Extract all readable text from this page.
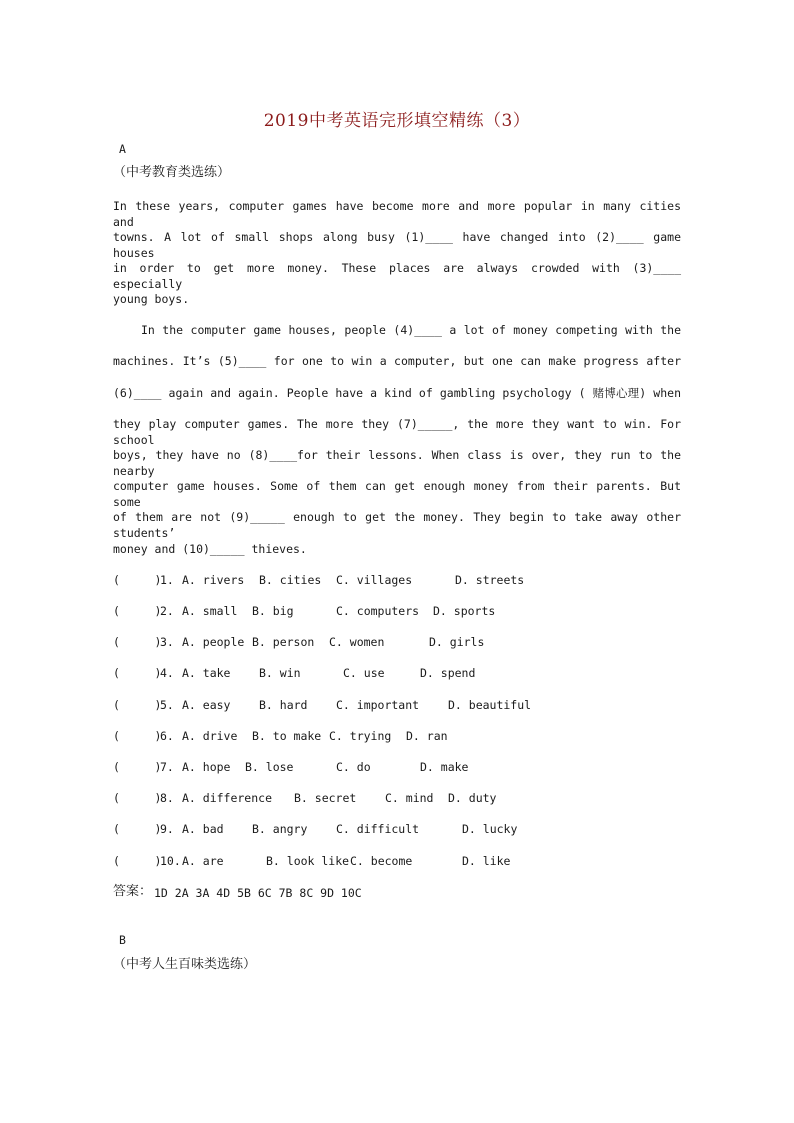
2019中考英语完形填空精练（3）
A
（中考教育类选练）
In these years, computer games have become more and more popular in many cities and
towns. A lot of small shops along busy (1)____ have changed into (2)____ game houses
in order to get more money. These places are always crowded with (3)____ especially
young boys.
In the computer game houses, people (4)____ a lot of money competing with the
machines. It’s (5)____ for one to win a computer, but one can make progress after
(6)____ again and again. People have a kind of gambling psychology ( 赌博心理) when
they play computer games. The more they (7)_____, the more they want to win. For school
boys, they have no (8)____for their lessons. When class is over, they run to the nearby
computer game houses. Some of them can get enough money from their parents. But some
of them are not (9)_____ enough to get the money. They begin to take away other students’
money and (10)_____ thieves.
(     )
1. A. rivers B. cities C. villages	D. streets
(     )
2. A. small B. big	C. computers D. sports
(     )
3. A. people B. person C. women	D. girls
(     )
4. A. take B. win	C. use	D. spend
(     )
5. A. easy B. hard C. important	D. beautiful
(     )
6. A. drive B. to make C. trying D. ran
(     )
7. A. hope B. lose	C. do	D. make
(     )
8. A. difference B. secret C. mind D. duty
(     )
9. A. bad B. angry C. difficult	D. lucky
(     )
10. A. are	B. look like C. become	D. like
答案： 1D 2A 3A 4D 5B 6C 7B 8C 9D 10C
B
（中考人生百味类选练）
